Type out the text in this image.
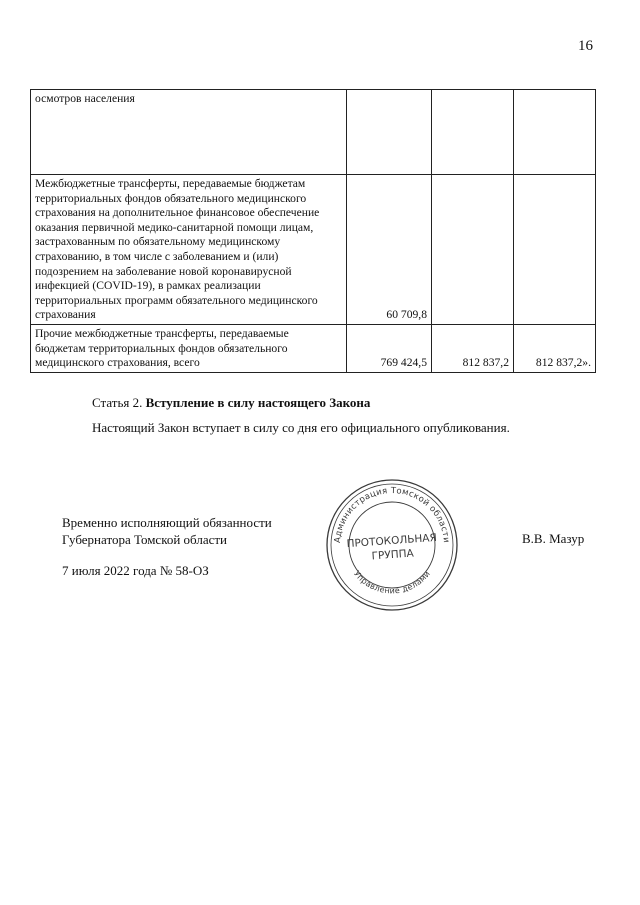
16
осмотров населения			
Межбюджетные трансферты, передаваемые бюджетам территориальных фондов обязательного медицинского страхования на дополнительное финансовое обеспечение оказания первичной медико-санитарной помощи лицам, застрахованным по обязательному медицинскому страхованию, в том числе с заболеванием и (или) подозрением на заболевание новой коронавирусной инфекцией (COVID-19), в рамках реализации территориальных программ обязательного медицинского страхования	60 709,8		
Прочие межбюджетные трансферты, передаваемые бюджетам территориальных фондов обязательного медицинского страхования, всего	769 424,5	812 837,2	812 837,2».
Статья 2. Вступление в силу настоящего Закона
Настоящий Закон вступает в силу со дня его официального опубликования.
Временно исполняющий обязанности
Губернатора Томской области	В.В. Мазур
7 июля 2022 года № 58-ОЗ
Администрация Томской области
Управление делами
ПРОТОКОЛЬНАЯ
ГРУППА
